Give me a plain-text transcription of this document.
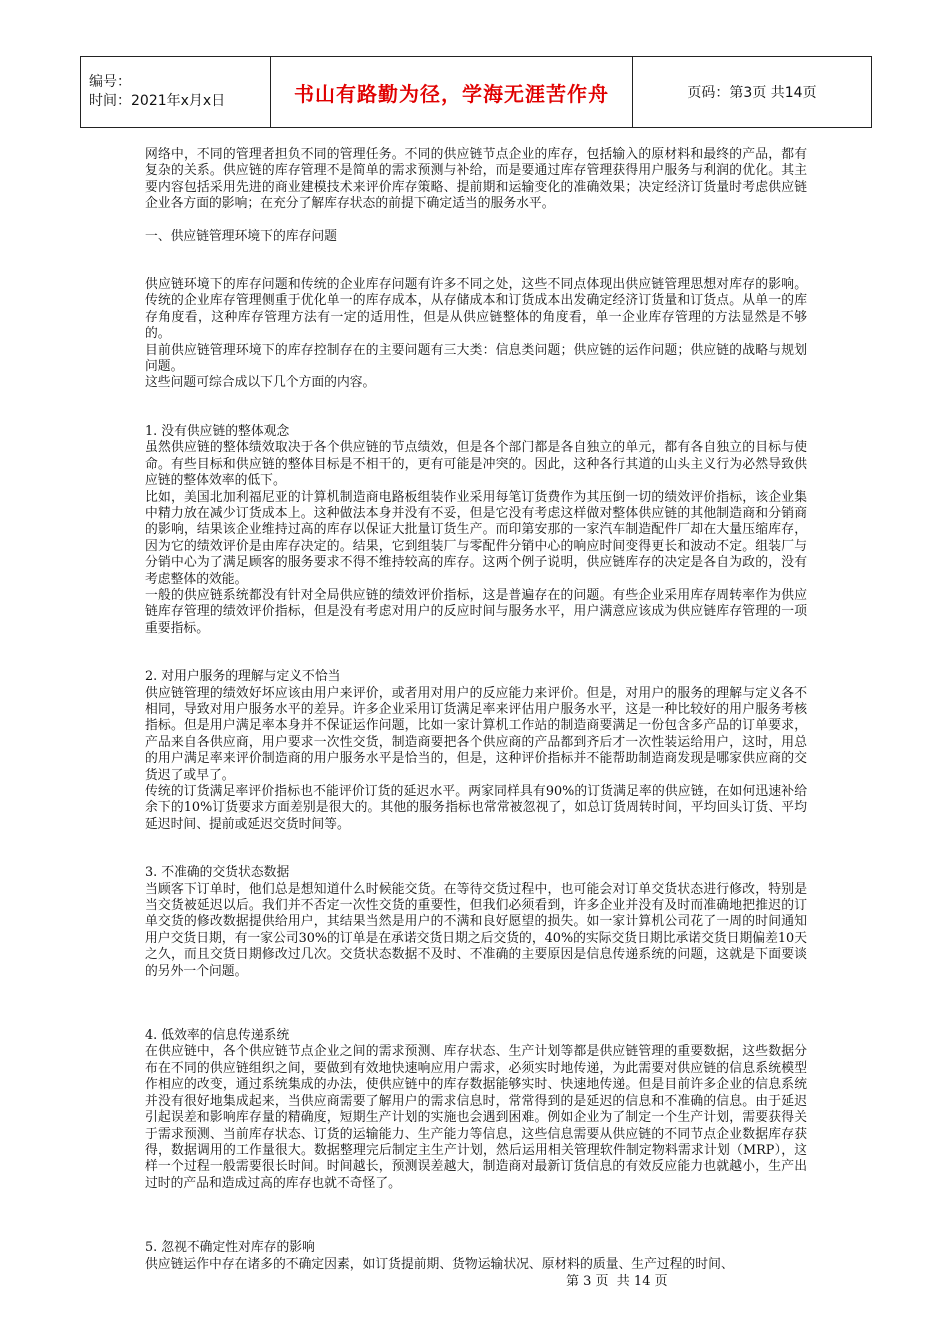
编号：
时间：2021年x月x日	书山有路勤为径，学海无涯苦作舟	页码：第3页 共14页

网络中，不同的管理者担负不同的管理任务。不同的供应链节点企业的库存，包括输入的原材料和最终的产品，都有复杂的关系。供应链的库存管理不是简单的需求预测与补给，而是要通过库存管理获得用户服务与利润的优化。其主要内容包括采用先进的商业建模技术来评价库存策略、提前期和运输变化的准确效果；决定经济订货量时考虑供应链企业各方面的影响；在充分了解库存状态的前提下确定适当的服务水平。

一、供应链管理环境下的库存问题

供应链环境下的库存问题和传统的企业库存问题有许多不同之处，这些不同点体现出供应链管理思想对库存的影响。传统的企业库存管理侧重于优化单一的库存成本，从存储成本和订货成本出发确定经济订货量和订货点。从单一的库存角度看，这种库存管理方法有一定的适用性，但是从供应链整体的角度看，单一企业库存管理的方法显然是不够的。

目前供应链管理环境下的库存控制存在的主要问题有三大类：信息类问题；供应链的运作问题；供应链的战略与规划问题。

这些问题可综合成以下几个方面的内容。

1. 没有供应链的整体观念

虽然供应链的整体绩效取决于各个供应链的节点绩效，但是各个部门都是各自独立的单元，都有各自独立的目标与使命。有些目标和供应链的整体目标是不相干的，更有可能是冲突的。因此，这种各行其道的山头主义行为必然导致供应链的整体效率的低下。

比如，美国北加利福尼亚的计算机制造商电路板组装作业采用每笔订货费作为其压倒一切的绩效评价指标，该企业集中精力放在减少订货成本上。这种做法本身并没有不妥，但是它没有考虑这样做对整体供应链的其他制造商和分销商的影响，结果该企业维持过高的库存以保证大批量订货生产。而印第安那的一家汽车制造配件厂却在大量压缩库存，因为它的绩效评价是由库存决定的。结果，它到组装厂与零配件分销中心的响应时间变得更长和波动不定。组装厂与分销中心为了满足顾客的服务要求不得不维持较高的库存。这两个例子说明，供应链库存的决定是各自为政的，没有考虑整体的效能。

一般的供应链系统都没有针对全局供应链的绩效评价指标，这是普遍存在的问题。有些企业采用库存周转率作为供应链库存管理的绩效评价指标，但是没有考虑对用户的反应时间与服务水平，用户满意应该成为供应链库存管理的一项重要指标。

2. 对用户服务的理解与定义不恰当

供应链管理的绩效好坏应该由用户来评价，或者用对用户的反应能力来评价。但是，对用户的服务的理解与定义各不相同，导致对用户服务水平的差异。许多企业采用订货满足率来评估用户服务水平，这是一种比较好的用户服务考核指标。但是用户满足率本身并不保证运作问题，比如一家计算机工作站的制造商要满足一份包含多产品的订单要求，产品来自各供应商，用户要求一次性交货，制造商要把各个供应商的产品都到齐后才一次性装运给用户，这时，用总的用户满足率来评价制造商的用户服务水平是恰当的，但是，这种评价指标并不能帮助制造商发现是哪家供应商的交货迟了或早了。

传统的订货满足率评价指标也不能评价订货的延迟水平。两家同样具有90%的订货满足率的供应链，在如何迅速补给余下的10%订货要求方面差别是很大的。其他的服务指标也常常被忽视了，如总订货周转时间，平均回头订货、平均延迟时间、提前或延迟交货时间等。

3. 不准确的交货状态数据

当顾客下订单时，他们总是想知道什么时候能交货。在等待交货过程中，也可能会对订单交货状态进行修改，特别是当交货被延迟以后。我们并不否定一次性交货的重要性，但我们必须看到，许多企业并没有及时而准确地把推迟的订单交货的修改数据提供给用户，其结果当然是用户的不满和良好愿望的损失。如一家计算机公司花了一周的时间通知用户交货日期，有一家公司30%的订单是在承诺交货日期之后交货的，40%的实际交货日期比承诺交货日期偏差10天之久，而且交货日期修改过几次。交货状态数据不及时、不准确的主要原因是信息传递系统的问题，这就是下面要谈的另外一个问题。

4. 低效率的信息传递系统

在供应链中，各个供应链节点企业之间的需求预测、库存状态、生产计划等都是供应链管理的重要数据，这些数据分布在不同的供应链组织之间，要做到有效地快速响应用户需求，必须实时地传递，为此需要对供应链的信息系统模型作相应的改变，通过系统集成的办法，使供应链中的库存数据能够实时、快速地传递。但是目前许多企业的信息系统并没有很好地集成起来，当供应商需要了解用户的需求信息时，常常得到的是延迟的信息和不准确的信息。由于延迟引起误差和影响库存量的精确度，短期生产计划的实施也会遇到困难。例如企业为了制定一个生产计划，需要获得关于需求预测、当前库存状态、订货的运输能力、生产能力等信息，这些信息需要从供应链的不同节点企业数据库存获得，数据调用的工作量很大。数据整理完后制定主生产计划，然后运用相关管理软件制定物料需求计划（MRP），这样一个过程一般需要很长时间。时间越长，预测误差越大，制造商对最新订货信息的有效反应能力也就越小，生产出过时的产品和造成过高的库存也就不奇怪了。

5. 忽视不确定性对库存的影响

供应链运作中存在诸多的不确定因素，如订货提前期、货物运输状况、原材料的质量、生产过程的时间、

第 3 页  共 14 页
